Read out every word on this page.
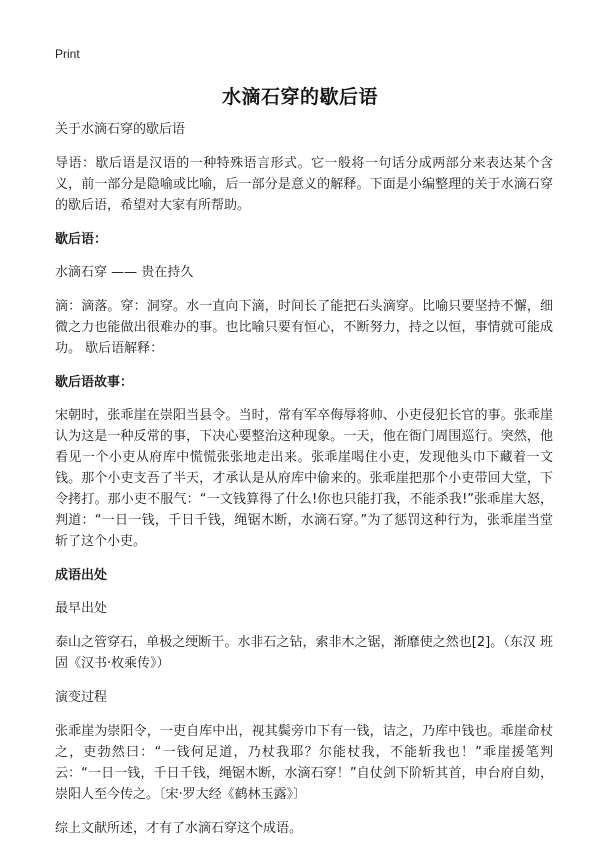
Print
水滴石穿的歇后语

关于水滴石穿的歇后语

导语：歇后语是汉语的一种特殊语言形式。它一般将一句话分成两部分来表达某个含义，前一部分是隐喻或比喻，后一部分是意义的解释。下面是小编整理的关于水滴石穿的歇后语，希望对大家有所帮助。

歇后语：

水滴石穿 —— 贵在持久

滴：滴落。穿：洞穿。水一直向下滴，时间长了能把石头滴穿。比喻只要坚持不懈，细微之力也能做出很难办的事。也比喻只要有恒心，不断努力，持之以恒，事情就可能成功。 歇后语解释：

歇后语故事：

宋朝时，张乖崖在崇阳当县令。当时，常有军卒侮辱将帅、小吏侵犯长官的事。张乖崖认为这是一种反常的事，下决心要整治这种现象。一天，他在衙门周围巡行。突然，他看见一个小吏从府库中慌慌张张地走出来。张乖崖喝住小吏，发现他头巾下藏着一文钱。那个小吏支吾了半天，才承认是从府库中偷来的。张乖崖把那个小吏带回大堂，下令拷打。那小吏不服气：“一文钱算得了什么!你也只能打我，不能杀我!”张乖崖大怒，判道：“一日一钱，千日千钱，绳锯木断，水滴石穿。”为了惩罚这种行为，张乖崖当堂斩了这个小吏。

成语出处

最早出处

泰山之管穿石，单极之绠断干。水非石之钻，索非木之锯，渐靡使之然也[2]。（东汉 班固《汉书·枚乘传》）

演变过程

张乖崖为崇阳令，一吏自库中出，视其鬓旁巾下有一钱，诘之，乃库中钱也。乖崖命杖之，吏勃然曰：“一钱何足道，乃杖我耶？尔能杖我，不能斩我也！”乖崖援笔判云：“一日一钱，千日千钱，绳锯木断，水滴石穿！”自仗剑下阶斩其首，申台府自劾，崇阳人至今传之。〔宋·罗大经《鹤林玉露》〕

综上文献所述，才有了水滴石穿这个成语。
